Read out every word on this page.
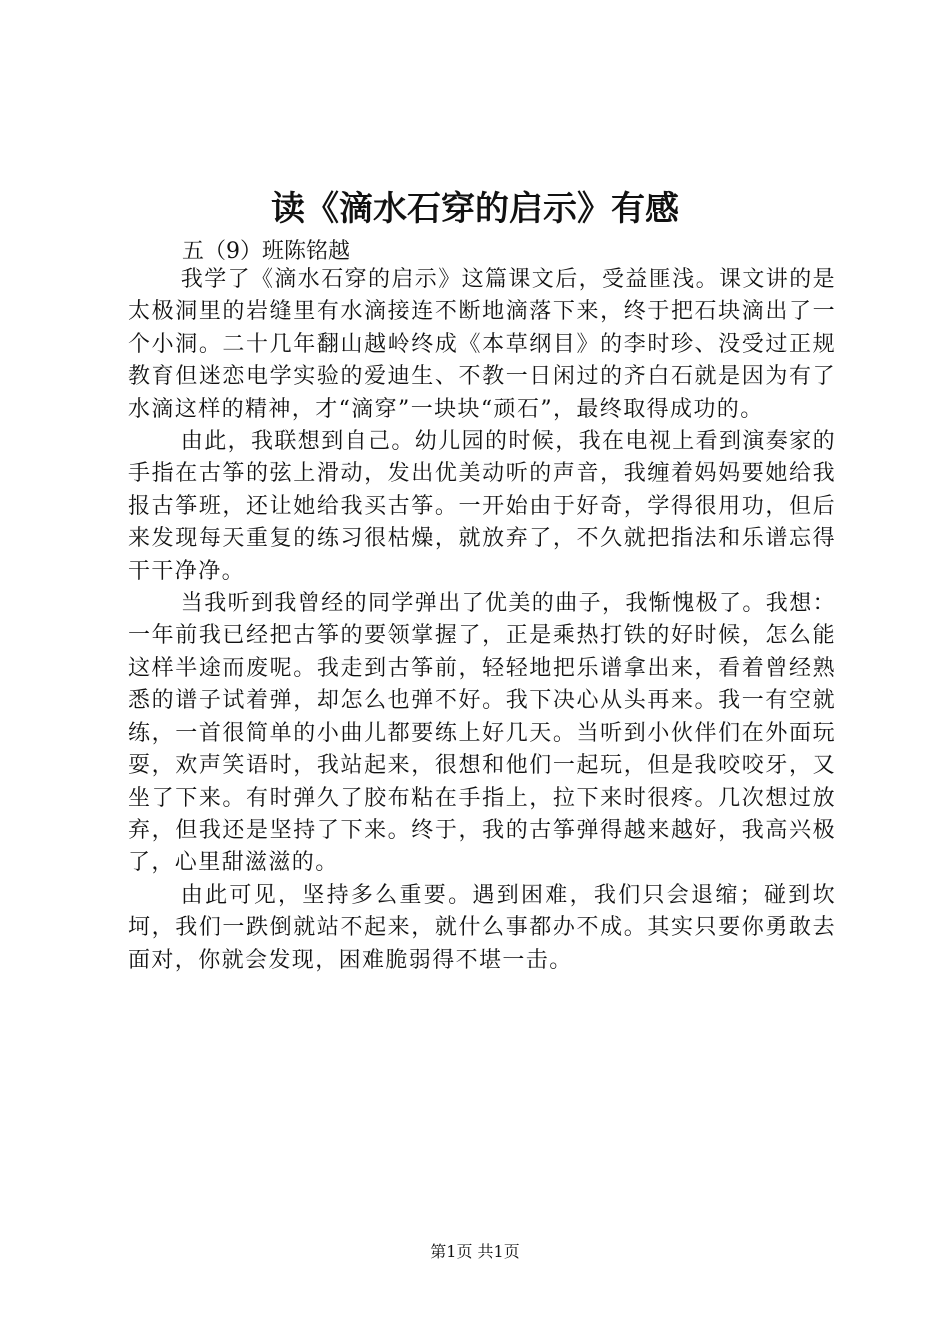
读《滴水石穿的启示》有感

五（9）班陈铭越

我学了《滴水石穿的启示》这篇课文后，受益匪浅。课文讲的是太极洞里的岩缝里有水滴接连不断地滴落下来，终于把石块滴出了一个小洞。二十几年翻山越岭终成《本草纲目》的李时珍、没受过正规教育但迷恋电学实验的爱迪生、不教一日闲过的齐白石就是因为有了水滴这样的精神，才“滴穿”一块块“顽石”，最终取得成功的。

由此，我联想到自己。幼儿园的时候，我在电视上看到演奏家的手指在古筝的弦上滑动，发出优美动听的声音，我缠着妈妈要她给我报古筝班，还让她给我买古筝。一开始由于好奇，学得很用功，但后来发现每天重复的练习很枯燥，就放弃了，不久就把指法和乐谱忘得干干净净。

当我听到我曾经的同学弹出了优美的曲子，我惭愧极了。我想：一年前我已经把古筝的要领掌握了，正是乘热打铁的好时候，怎么能这样半途而废呢。我走到古筝前，轻轻地把乐谱拿出来，看着曾经熟悉的谱子试着弹，却怎么也弹不好。我下决心从头再来。我一有空就练，一首很简单的小曲儿都要练上好几天。当听到小伙伴们在外面玩耍，欢声笑语时，我站起来，很想和他们一起玩，但是我咬咬牙，又坐了下来。有时弹久了胶布粘在手指上，拉下来时很疼。几次想过放弃，但我还是坚持了下来。终于，我的古筝弹得越来越好，我高兴极了，心里甜滋滋的。

由此可见，坚持多么重要。遇到困难，我们只会退缩；碰到坎坷，我们一跌倒就站不起来，就什么事都办不成。其实只要你勇敢去面对，你就会发现，困难脆弱得不堪一击。

第1页 共1页
